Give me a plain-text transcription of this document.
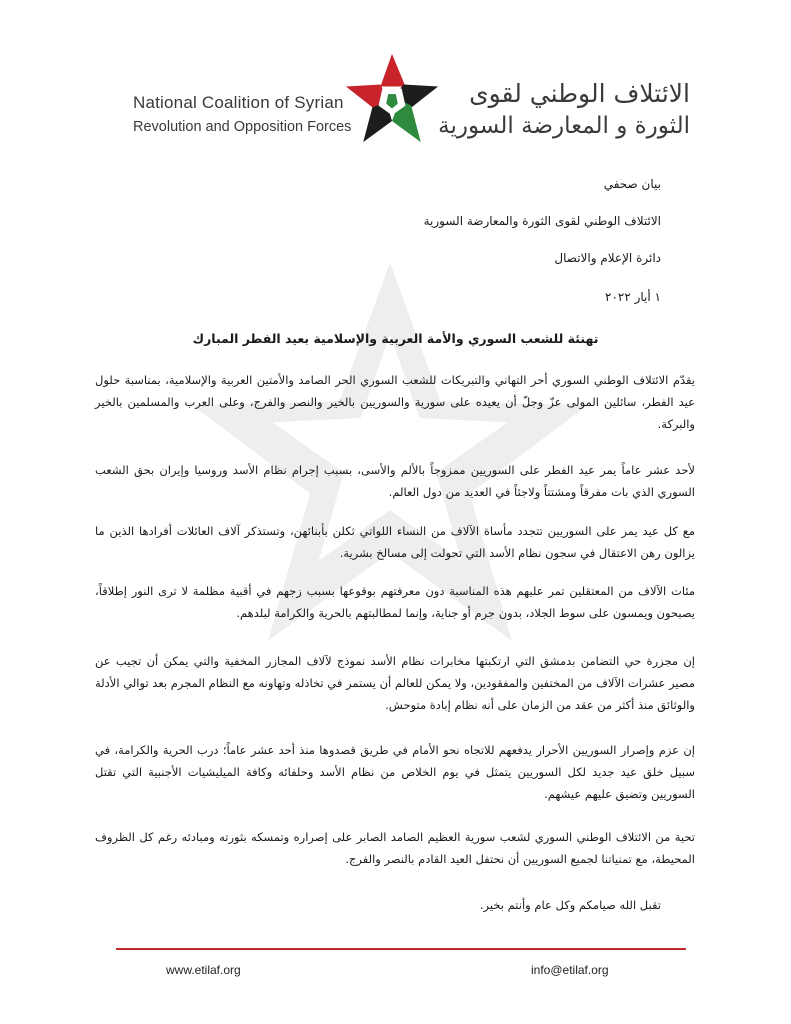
National Coalition of Syrian
Revolution and Opposition Forces
الائتلاف الوطني لقوى
الثورة و المعارضة السورية
بيان صحفي
الائتلاف الوطني لقوى الثورة والمعارضة السورية
دائرة الإعلام والاتصال
١ أيار ٢٠٢٢
تهنئة للشعب السوري والأمة العربية والإسلامية بعيد الفطر المبارك
يقدّم الائتلاف الوطني السوري أحر التهاني والتبريكات للشعب السوري الحر الصامد والأمتين العربية والإسلامية، بمناسبة حلول عيد الفطر، سائلين المولى عزّ وجلّ أن يعيده على سورية والسوريين بالخير والنصر والفرج، وعلى العرب والمسلمين بالخير والبركة.
لأحد عشر عاماً يمر عيد الفطر على السوريين ممزوجاً بالألم والأسى، بسبب إجرام نظام الأسد وروسيا وإيران بحق الشعب السوري الذي بات مفرقاً ومشتتاً ولاجئاً في العديد من دول العالم.
مع كل عيد يمر على السوريين تتجدد مأساة الآلاف من النساء اللواتي ثكلن بأبنائهن، وتستذكر آلاف العائلات أفرادها الذين ما يزالون رهن الاعتقال في سجون نظام الأسد التي تحولت إلى مسالخ بشرية.
مئات الآلاف من المعتقلين تمر عليهم هذه المناسبة دون معرفتهم بوقوعها بسبب زجهم في أقبية مظلمة لا ترى النور إطلاقاً، يصبحون ويمسون على سوط الجلاد، بدون جرم أو جناية، وإنما لمطالبتهم بالحرية والكرامة لبلدهم.
إن مجزرة حي التضامن بدمشق التي ارتكبتها مخابرات نظام الأسد نموذج لآلاف المجازر المخفية والتي يمكن أن تجيب عن مصير عشرات الآلاف من المختفين والمفقودين، ولا يمكن للعالم أن يستمر في تخاذله وتهاونه مع النظام المجرم بعد توالي الأدلة والوثائق منذ أكثر من عقد من الزمان على أنه نظام إبادة متوحش.
إن عزم وإصرار السوريين الأحرار يدفعهم للاتجاه نحو الأمام في طريق قصدوها منذ أحد عشر عاماً؛ درب الحرية والكرامة، في سبيل خلق عيد جديد لكل السوريين يتمثل في يوم الخلاص من نظام الأسد وحلفائه وكافة الميليشيات الأجنبية التي تقتل السوريين وتضيق عليهم عيشهم.
تحية من الائتلاف الوطني السوري لشعب سورية العظيم الصامد الصابر على إصراره وتمسكه بثورته ومبادئه رغم كل الظروف المحيطة، مع تمنياتنا لجميع السوريين أن نحتفل العيد القادم بالنصر والفرج.
تقبل الله صيامكم وكل عام وأنتم بخير.
www.etilaf.org	info@etilaf.org
